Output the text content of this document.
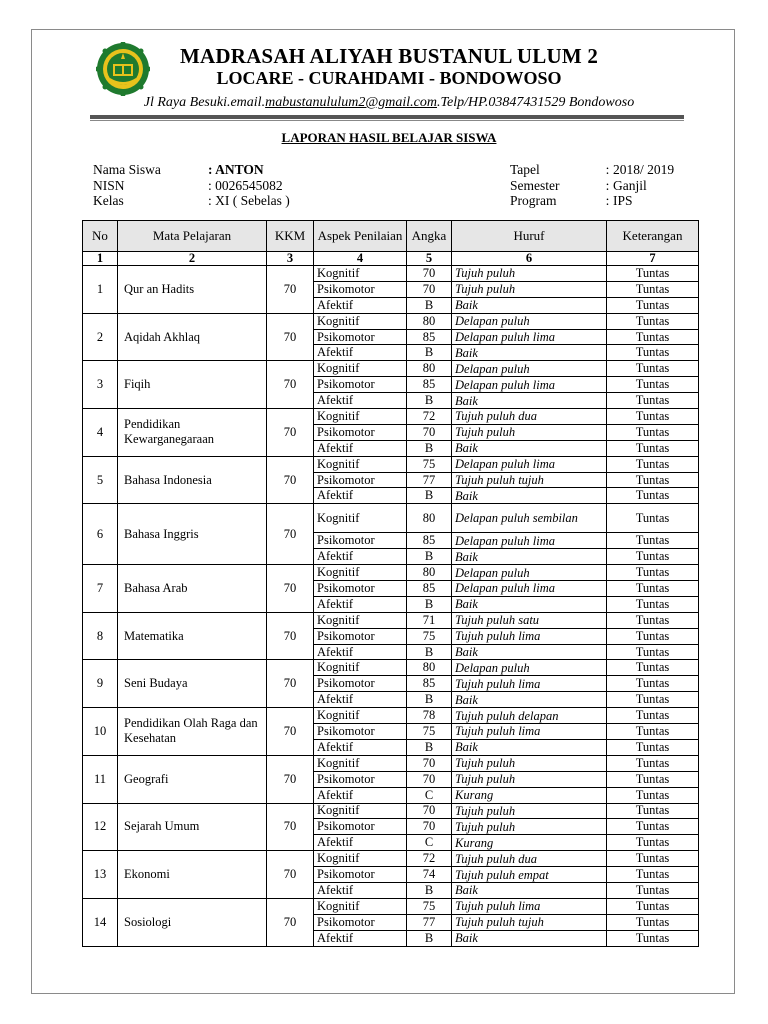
MADRASAH ALIYAH BUSTANUL ULUM 2
LOCARE - CURAHDAMI - BONDOWOSO
Jl Raya Besuki.email.mabustanululum2@gmail.com.Telp/HP.03847431529 Bondowoso
LAPORAN HASIL BELAJAR SISWA
Nama Siswa	: ANTON
NISN	: 0026545082
Kelas	: XI ( Sebelas )
Tapel	: 2018/ 2019
Semester	: Ganjil
Program	: IPS
No	Mata Pelajaran	KKM	Aspek Penilaian	Angka	Huruf	Keterangan
1	2	3	4	5	6	7
1	Qur an Hadits	70	Kognitif	70	Tujuh puluh	Tuntas
			Psikomotor	70	Tujuh puluh	Tuntas
			Afektif	B	Baik	Tuntas
2	Aqidah Akhlaq	70	Kognitif	80	Delapan puluh	Tuntas
			Psikomotor	85	Delapan puluh lima	Tuntas
			Afektif	B	Baik	Tuntas
3	Fiqih	70	Kognitif	80	Delapan puluh	Tuntas
			Psikomotor	85	Delapan puluh lima	Tuntas
			Afektif	B	Baik	Tuntas
4	Pendidikan Kewarganegaraan	70	Kognitif	72	Tujuh puluh dua	Tuntas
			Psikomotor	70	Tujuh puluh	Tuntas
			Afektif	B	Baik	Tuntas
5	Bahasa Indonesia	70	Kognitif	75	Delapan puluh lima	Tuntas
			Psikomotor	77	Tujuh puluh tujuh	Tuntas
			Afektif	B	Baik	Tuntas
6	Bahasa Inggris	70	Kognitif	80	Delapan puluh sembilan	Tuntas
			Psikomotor	85	Delapan puluh lima	Tuntas
			Afektif	B	Baik	Tuntas
7	Bahasa Arab	70	Kognitif	80	Delapan puluh	Tuntas
			Psikomotor	85	Delapan puluh lima	Tuntas
			Afektif	B	Baik	Tuntas
8	Matematika	70	Kognitif	71	Tujuh puluh satu	Tuntas
			Psikomotor	75	Tujuh puluh lima	Tuntas
			Afektif	B	Baik	Tuntas
9	Seni Budaya	70	Kognitif	80	Delapan puluh	Tuntas
			Psikomotor	85	Tujuh puluh lima	Tuntas
			Afektif	B	Baik	Tuntas
10	Pendidikan Olah Raga dan Kesehatan	70	Kognitif	78	Tujuh puluh delapan	Tuntas
			Psikomotor	75	Tujuh puluh lima	Tuntas
			Afektif	B	Baik	Tuntas
11	Geografi	70	Kognitif	70	Tujuh puluh	Tuntas
			Psikomotor	70	Tujuh puluh	Tuntas
			Afektif	C	Kurang	Tuntas
12	Sejarah Umum	70	Kognitif	70	Tujuh puluh	Tuntas
			Psikomotor	70	Tujuh puluh	Tuntas
			Afektif	C	Kurang	Tuntas
13	Ekonomi	70	Kognitif	72	Tujuh puluh dua	Tuntas
			Psikomotor	74	Tujuh puluh empat	Tuntas
			Afektif	B	Baik	Tuntas
14	Sosiologi	70	Kognitif	75	Tujuh puluh lima	Tuntas
			Psikomotor	77	Tujuh puluh tujuh	Tuntas
			Afektif	B	Baik	Tuntas
